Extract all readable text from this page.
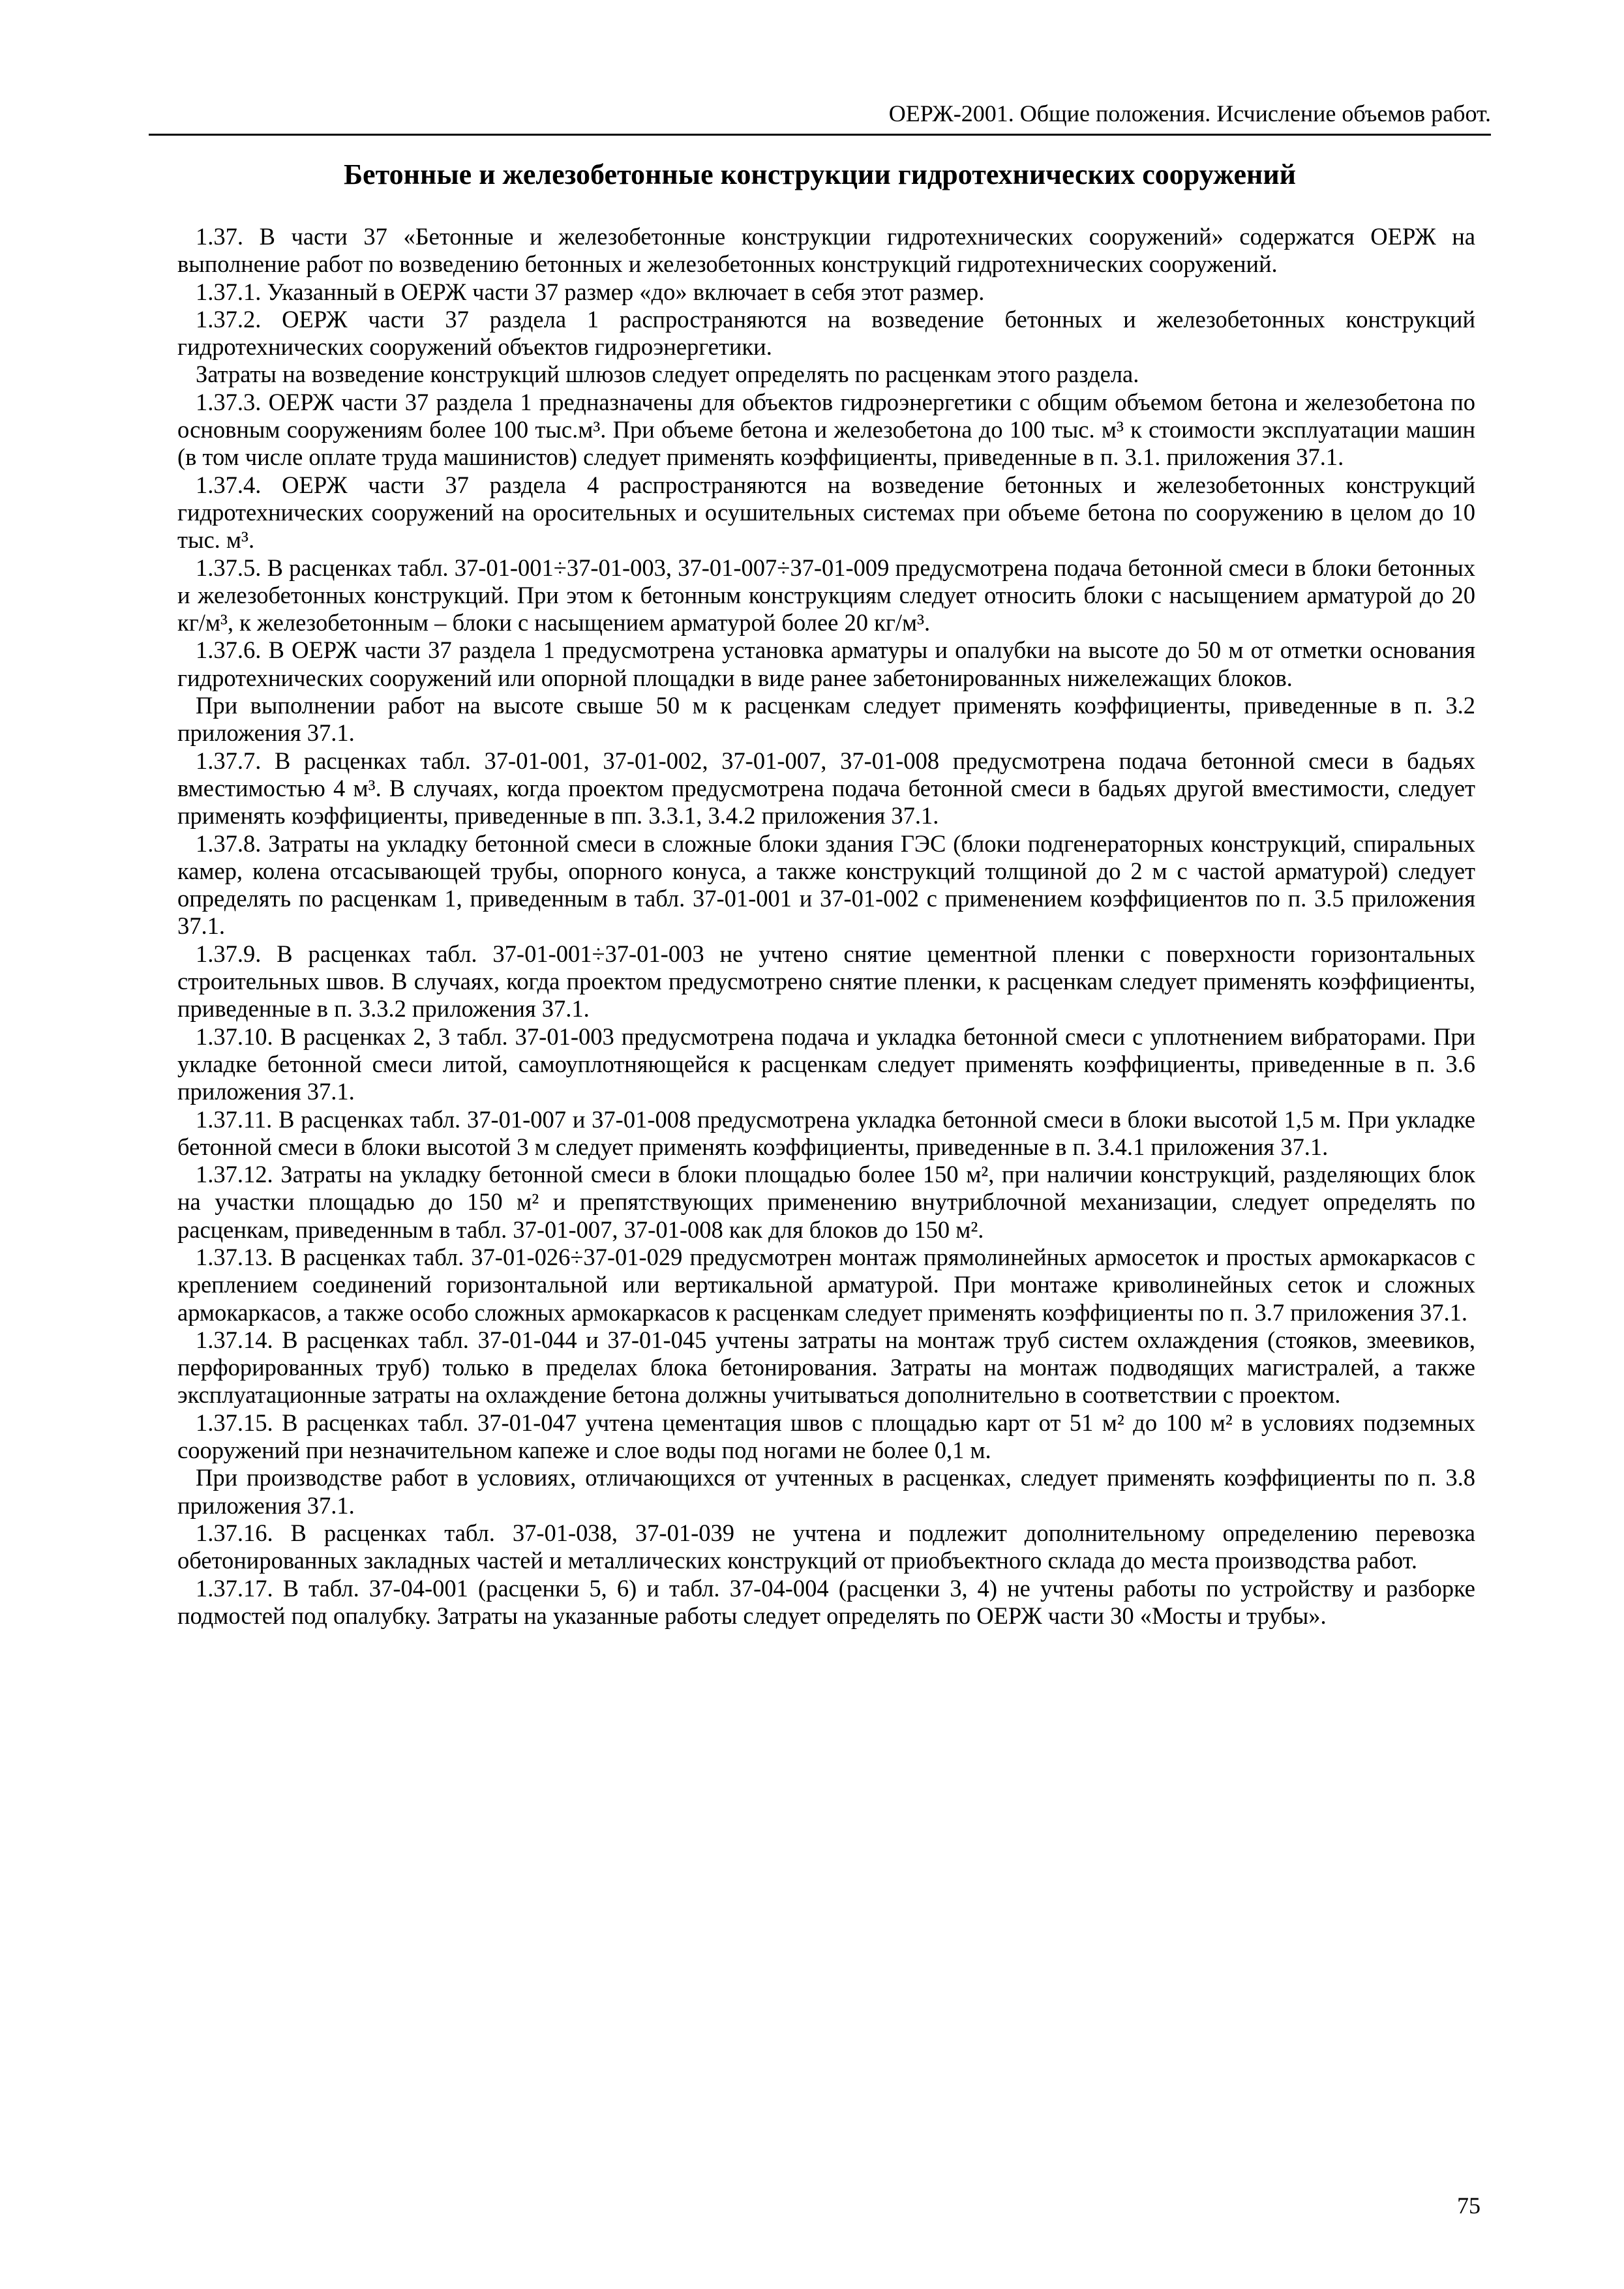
ОЕРЖ-2001. Общие положения. Исчисление объемов работ.
Бетонные и железобетонные конструкции гидротехнических сооружений

1.37. В части 37 «Бетонные и железобетонные конструкции гидротехнических сооружений» содержатся ОЕРЖ на выполнение работ по возведению бетонных и железобетонных конструкций гидротехнических сооружений.

1.37.1. Указанный в ОЕРЖ части 37 размер «до» включает в себя этот размер.

1.37.2. ОЕРЖ части 37 раздела 1 распространяются на возведение бетонных и железобетонных конструкций гидротехнических сооружений объектов гидроэнергетики.

Затраты на возведение конструкций шлюзов следует определять по расценкам этого раздела.

1.37.3. ОЕРЖ части 37 раздела 1 предназначены для объектов гидроэнергетики с общим объемом бетона и железобетона по основным сооружениям более 100 тыс.м³. При объеме бетона и железобетона до 100 тыс. м³ к стоимости эксплуатации машин (в том числе оплате труда машинистов) следует применять коэффициенты, приведенные в п. 3.1. приложения 37.1.

1.37.4. ОЕРЖ части 37 раздела 4 распространяются на возведение бетонных и железобетонных конструкций гидротехнических сооружений на оросительных и осушительных системах при объеме бетона по сооружению в целом до 10 тыс. м³.

1.37.5. В расценках табл. 37-01-001÷37-01-003, 37-01-007÷37-01-009 предусмотрена подача бетонной смеси в блоки бетонных и железобетонных конструкций. При этом к бетонным конструкциям следует относить блоки с насыщением арматурой до 20 кг/м³, к железобетонным – блоки с насыщением арматурой более 20 кг/м³.

1.37.6. В ОЕРЖ части 37 раздела 1 предусмотрена установка арматуры и опалубки на высоте до 50 м от отметки основания гидротехнических сооружений или опорной площадки в виде ранее забетонированных нижележащих блоков.

При выполнении работ на высоте свыше 50 м к расценкам следует применять коэффициенты, приведенные в п. 3.2 приложения 37.1.

1.37.7. В расценках табл. 37-01-001, 37-01-002, 37-01-007, 37-01-008 предусмотрена подача бетонной смеси в бадьях вместимостью 4 м³. В случаях, когда проектом предусмотрена подача бетонной смеси в бадьях другой вместимости, следует применять коэффициенты, приведенные в пп. 3.3.1, 3.4.2 приложения 37.1.

1.37.8. Затраты на укладку бетонной смеси в сложные блоки здания ГЭС (блоки подгенераторных конструкций, спиральных камер, колена отсасывающей трубы, опорного конуса, а также конструкций толщиной до 2 м с частой арматурой) следует определять по расценкам 1, приведенным в табл. 37-01-001 и 37-01-002 с применением коэффициентов по п. 3.5 приложения 37.1.

1.37.9. В расценках табл. 37-01-001÷37-01-003 не учтено снятие цементной пленки с поверхности горизонтальных строительных швов. В случаях, когда проектом предусмотрено снятие пленки, к расценкам следует применять коэффициенты, приведенные в п. 3.3.2 приложения 37.1.

1.37.10. В расценках 2, 3 табл. 37-01-003 предусмотрена подача и укладка бетонной смеси с уплотнением вибраторами. При укладке бетонной смеси литой, самоуплотняющейся к расценкам следует применять коэффициенты, приведенные в п. 3.6 приложения 37.1.

1.37.11. В расценках табл. 37-01-007 и 37-01-008 предусмотрена укладка бетонной смеси в блоки высотой 1,5 м. При укладке бетонной смеси в блоки высотой 3 м следует применять коэффициенты, приведенные в п. 3.4.1 приложения 37.1.

1.37.12. Затраты на укладку бетонной смеси в блоки площадью более 150 м², при наличии конструкций, разделяющих блок на участки площадью до 150 м² и препятствующих применению внутриблочной механизации, следует определять по расценкам, приведенным в табл. 37-01-007, 37-01-008 как для блоков до 150 м².

1.37.13. В расценках табл. 37-01-026÷37-01-029 предусмотрен монтаж прямолинейных армосеток и простых армокаркасов с креплением соединений горизонтальной или вертикальной арматурой. При монтаже криволинейных сеток и сложных армокаркасов, а также особо сложных армокаркасов к расценкам следует применять коэффициенты по п. 3.7 приложения 37.1.

1.37.14. В расценках табл. 37-01-044 и 37-01-045 учтены затраты на монтаж труб систем охлаждения (стояков, змеевиков, перфорированных труб) только в пределах блока бетонирования. Затраты на монтаж подводящих магистралей, а также эксплуатационные затраты на охлаждение бетона должны учитываться дополнительно в соответствии с проектом.

1.37.15. В расценках табл. 37-01-047 учтена цементация швов с площадью карт от 51 м² до 100 м² в условиях подземных сооружений при незначительном капеже и слое воды под ногами не более 0,1 м.

При производстве работ в условиях, отличающихся от учтенных в расценках, следует применять коэффициенты по п. 3.8 приложения 37.1.

1.37.16. В расценках табл. 37-01-038, 37-01-039 не учтена и подлежит дополнительному определению перевозка обетонированных закладных частей и металлических конструкций от приобъектного склада до места производства работ.

1.37.17. В табл. 37-04-001 (расценки 5, 6) и табл. 37-04-004 (расценки 3, 4) не учтены работы по устройству и разборке подмостей под опалубку. Затраты на указанные работы следует определять по ОЕРЖ части 30 «Мосты и трубы».

75
